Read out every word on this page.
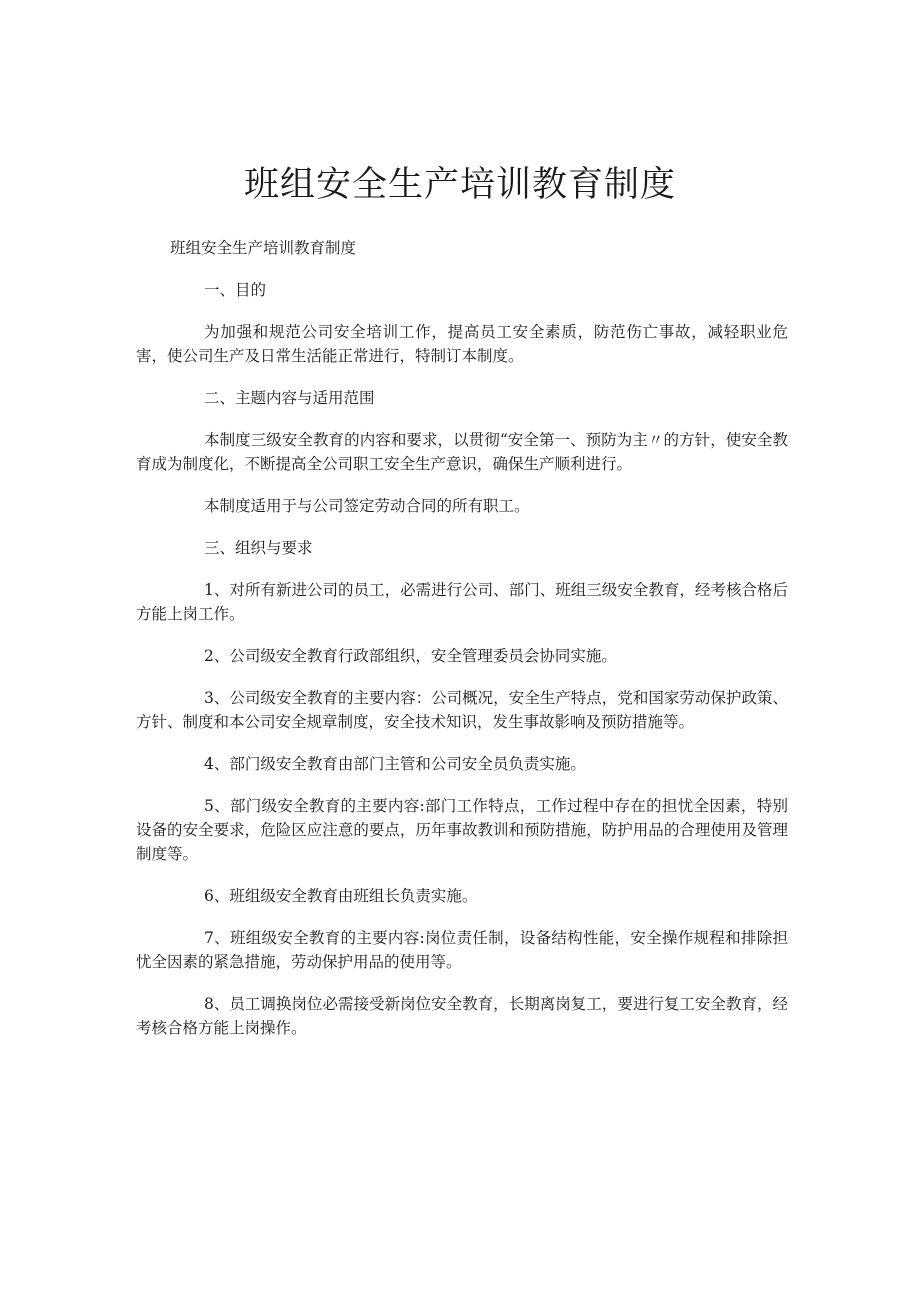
班组安全生产培训教育制度

班组安全生产培训教育制度

一、目的

为加强和规范公司安全培训工作，提高员工安全素质，防范伤亡事故，减轻职业危害，使公司生产及日常生活能正常进行，特制订本制度。

二、主题内容与适用范围

本制度三级安全教育的内容和要求，以贯彻“安全第一、预防为主〃的方针，使安全教育成为制度化，不断提高全公司职工安全生产意识，确保生产顺利进行。

本制度适用于与公司签定劳动合同的所有职工。

三、组织与要求

1、对所有新进公司的员工，必需进行公司、部门、班组三级安全教育，经考核合格后方能上岗工作。

2、公司级安全教育行政部组织，安全管理委员会协同实施。

3、公司级安全教育的主要内容：公司概况，安全生产特点，党和国家劳动保护政策、方针、制度和本公司安全规章制度，安全技术知识，发生事故影响及预防措施等。

4、部门级安全教育由部门主管和公司安全员负责实施。

5、部门级安全教育的主要内容:部门工作特点，工作过程中存在的担忧全因素，特别设备的安全要求，危险区应注意的要点，历年事故教训和预防措施，防护用品的合理使用及管理制度等。

6、班组级安全教育由班组长负责实施。

7、班组级安全教育的主要内容:岗位责任制，设备结构性能，安全操作规程和排除担忧全因素的紧急措施，劳动保护用品的使用等。

8、员工调换岗位必需接受新岗位安全教育，长期离岗复工，要进行复工安全教育，经考核合格方能上岗操作。
